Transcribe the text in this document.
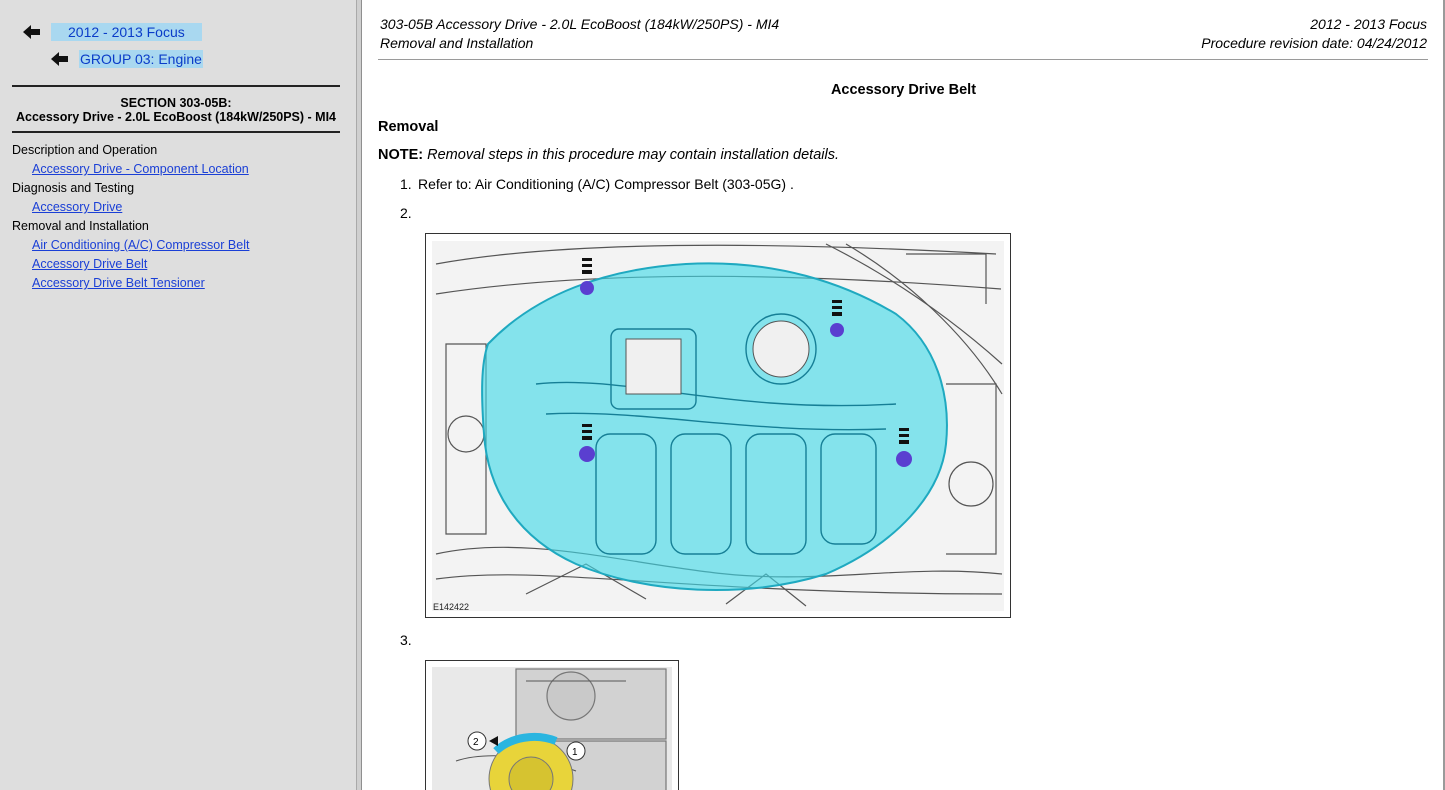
2012 - 2013 Focus
GROUP 03: Engine
SECTION 303-05B:
Accessory Drive - 2.0L EcoBoost (184kW/250PS) - MI4
Description and Operation
Accessory Drive - Component Location
Diagnosis and Testing
Accessory Drive
Removal and Installation
Air Conditioning (A/C) Compressor Belt
Accessory Drive Belt
Accessory Drive Belt Tensioner
303-05B Accessory Drive - 2.0L EcoBoost (184kW/250PS) - MI4
Removal and Installation
2012 - 2013 Focus
Procedure revision date: 04/24/2012
Accessory Drive Belt
Removal
NOTE: Removal steps in this procedure may contain installation details.
1. Refer to: Air Conditioning (A/C) Compressor Belt (303-05G) .
2.
E142422
3.
1
2
